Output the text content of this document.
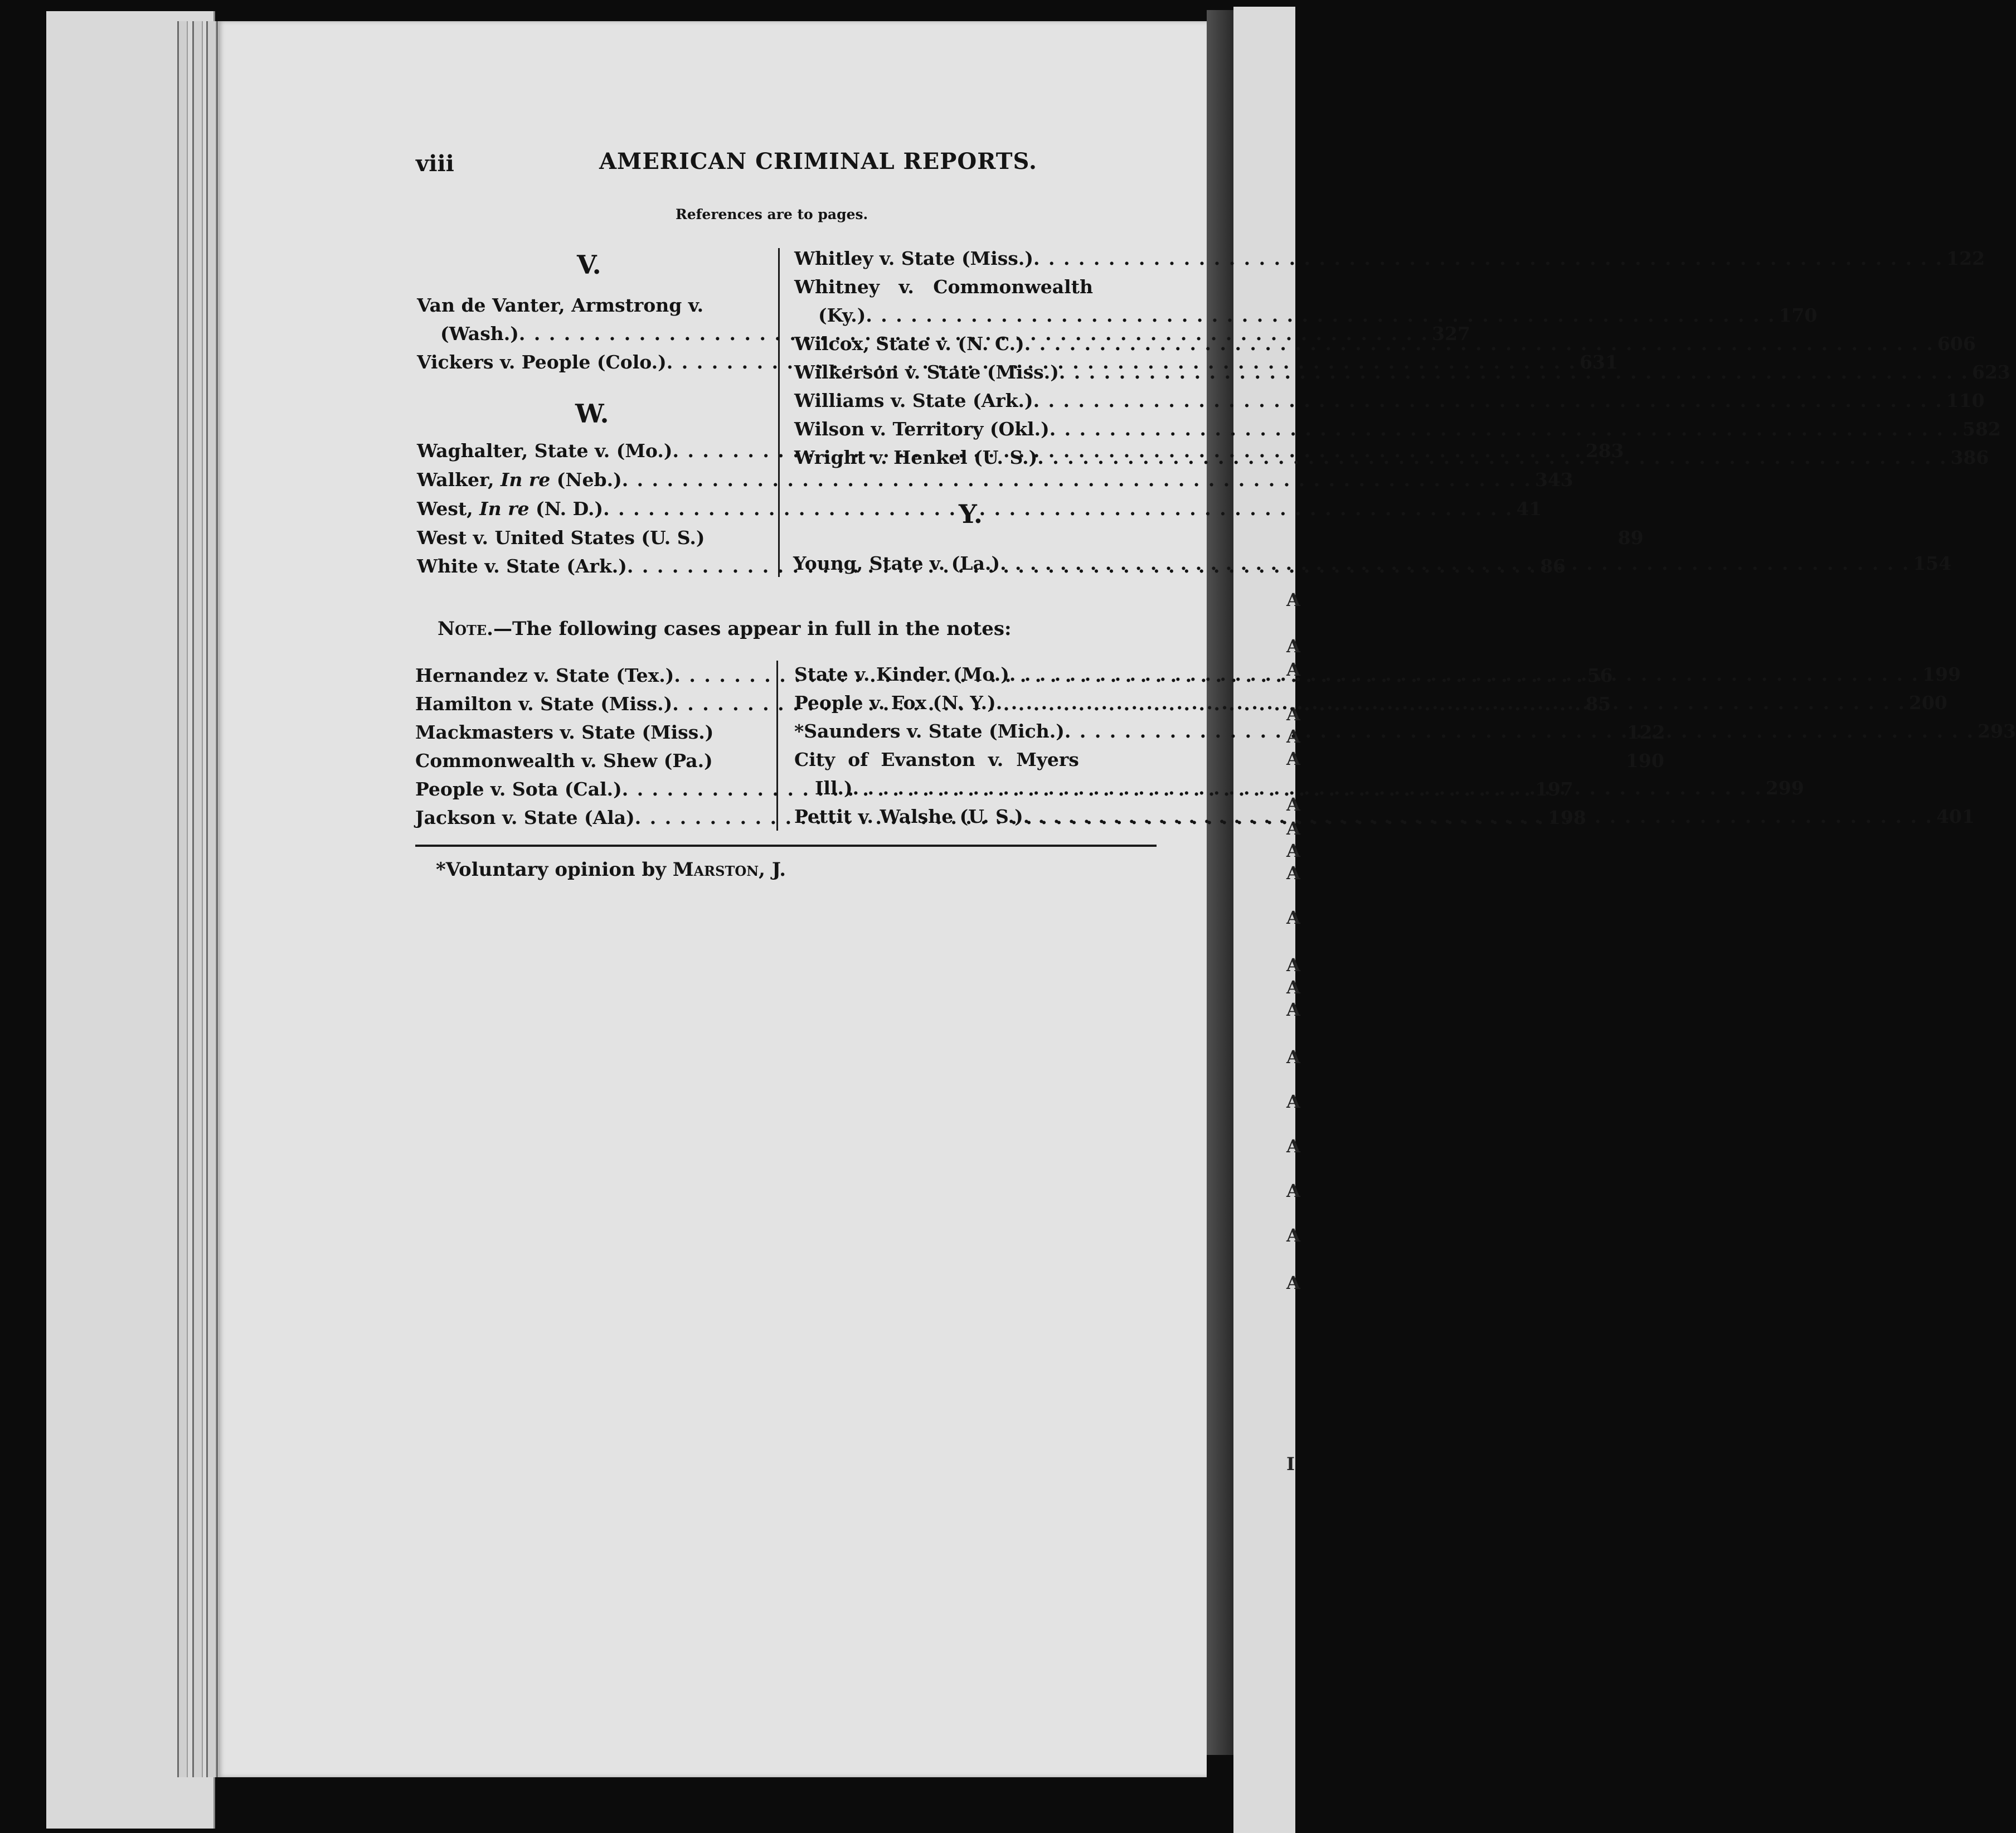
A
A
A
A
A
A
A
A
A
A
A
A
A
A
A
A
A
A
A
A
I
viii	AMERICAN CRIMINAL REPORTS.
References are to pages.
V.
Van de Vanter, Armstrong v.
(Wash.) . . .	327
Vickers v. People (Colo.) . . .	631
W.
Waghalter, State v. (Mo.) . . .	283
Walker, In re (Neb.) . . .	343
West, In re (N. D.) . . .	41
West v. United States (U. S.)	89
White v. State (Ark.) . . .	86
Whitley v. State (Miss.) . . .	122
Whitney   v.   Commonwealth
(Ky.) . . .	170
Wilcox, State v. (N. C.) . . .	606
Wilkerson v. State (Miss.) . . .	623
Williams v. State (Ark.) . . .	110
Wilson v. Territory (Okl.) . . .	582
Wright v. Henkel (U. S.) . . .	386
Y.
Young, State v. (La.) . . .	154
Note.—The following cases appear in full in the notes:
Hernandez v. State (Tex.) . . .	56
Hamilton v. State (Miss.) . . .	85
Mackmasters v. State (Miss.)	122
Commonwealth v. Shew (Pa.)	190
People v. Sota (Cal.) . . .	197
Jackson v. State (Ala) . . .	198
State v. Kinder (Mo.) . . .	199
People v. Fox (N. Y.) . . .	200
*Saunders v. State (Mich.) . . .	293
City  of  Evanston  v.  Myers
Ill.) . . .	299
Pettit v. Walshe (U. S.) . . .	401
*Voluntary opinion by Marston, J.
